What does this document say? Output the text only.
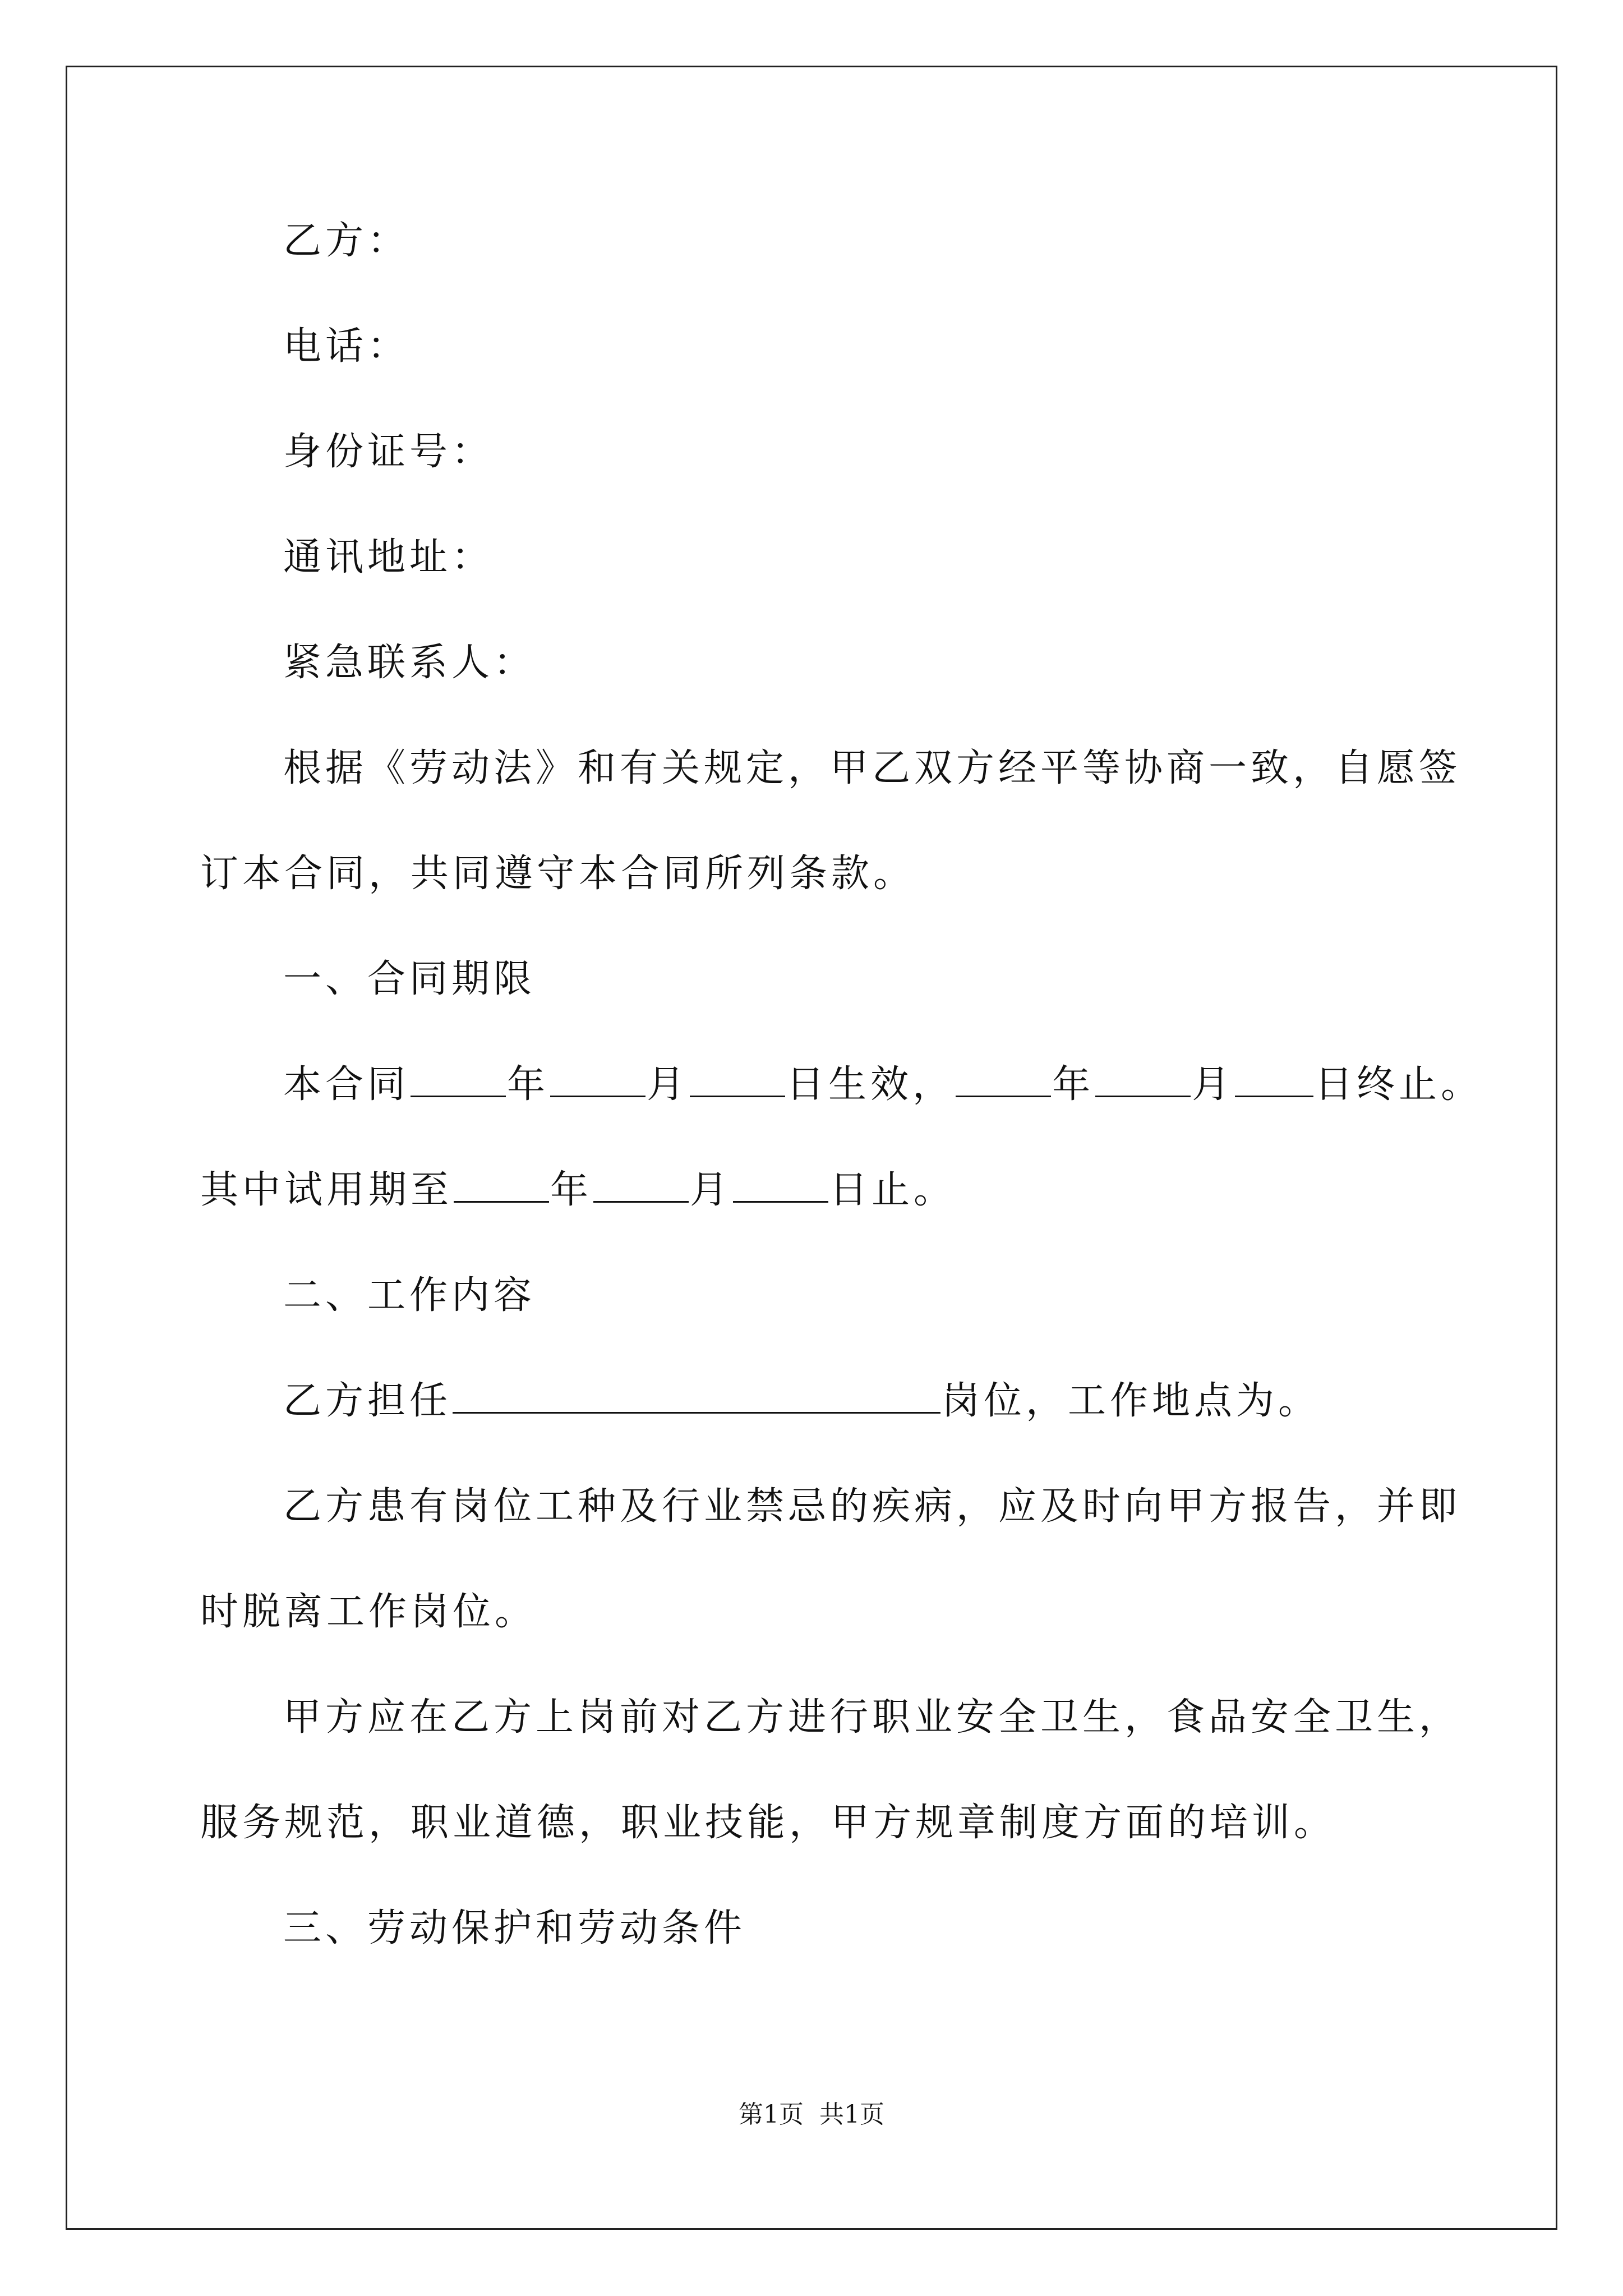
乙方：
电话：
身份证号：
通讯地址：
紧急联系人：
根据《劳动法》和有关规定，甲乙双方经平等协商一致，自愿签
订本合同，共同遵守本合同所列条款。
一、合同期限
本合同	年	月	日生效，	年	月 日终止。
其中试用期至	年	月	日止。
二、工作内容
乙方担任	岗位，工作地点为。
乙方患有岗位工种及行业禁忌的疾病，应及时向甲方报告，并即
时脱离工作岗位。
甲方应在乙方上岗前对乙方进行职业安全卫生，食品安全卫生，
服务规范，职业道德，职业技能，甲方规章制度方面的培训。
三、劳动保护和劳动条件
第1页 共1页
